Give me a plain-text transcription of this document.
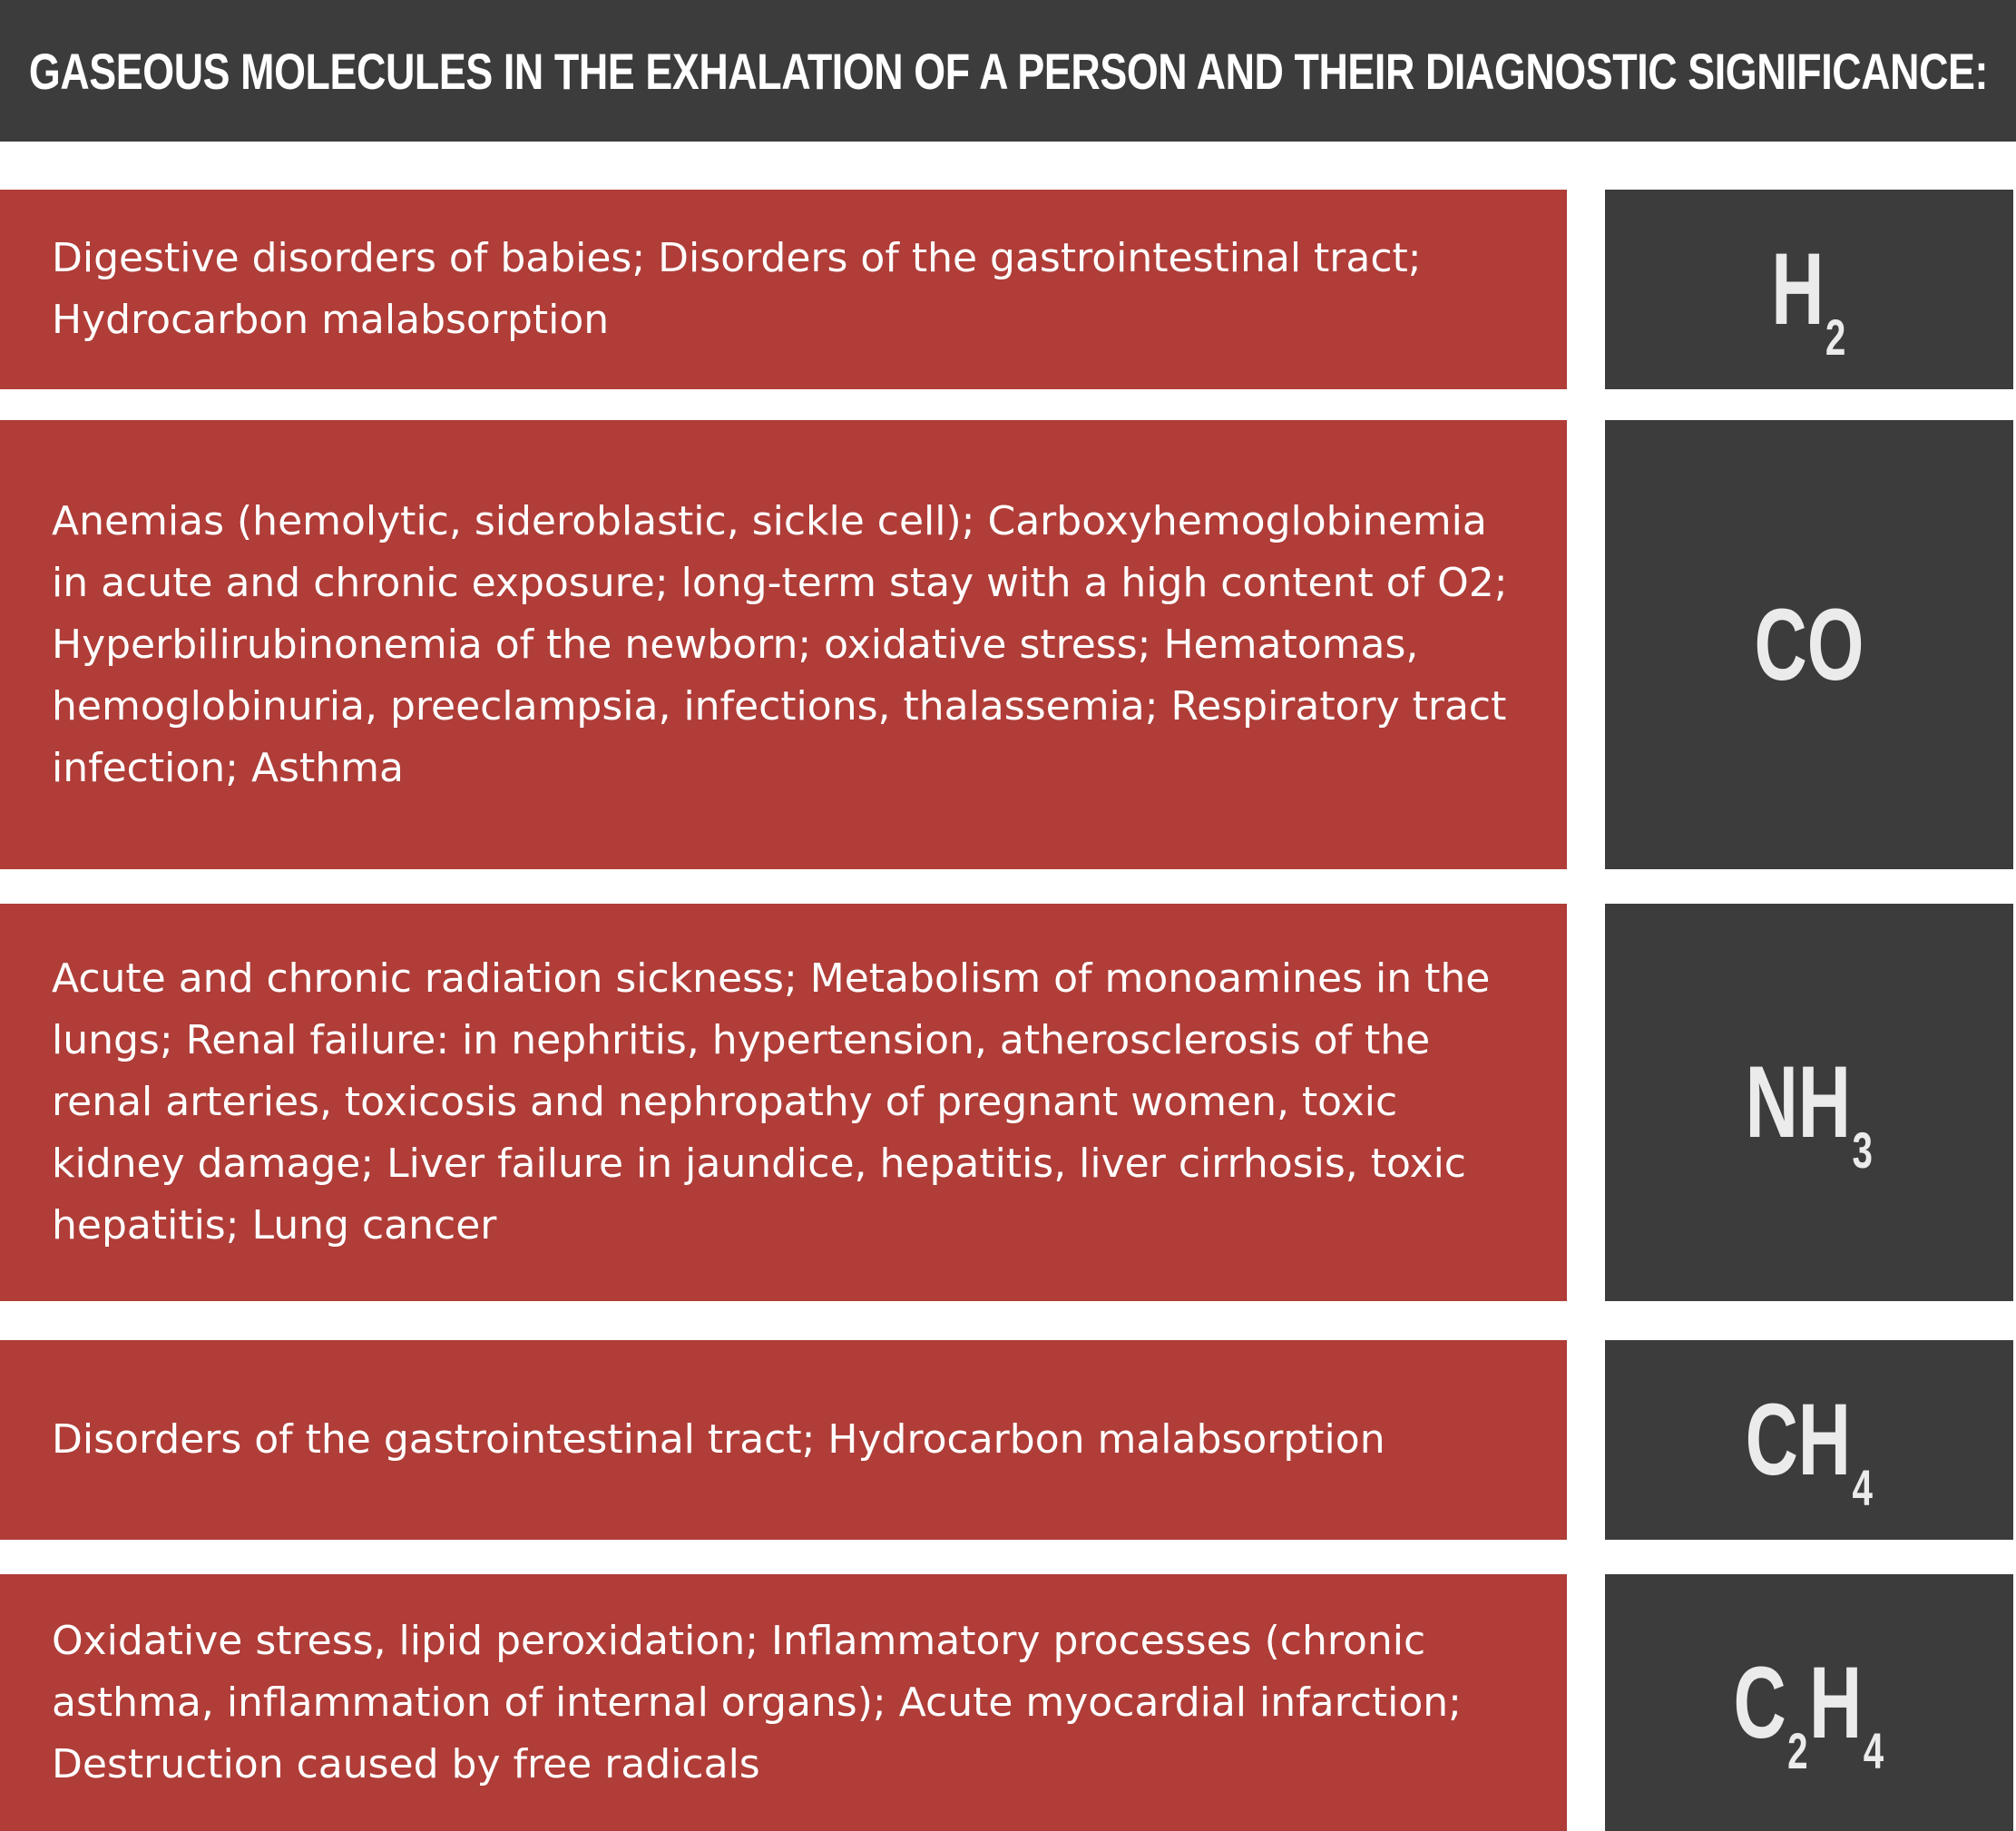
GASEOUS MOLECULES IN THE EXHALATION OF A PERSON AND THEIR DIAGNOSTIC SIGNIFICANCE:
Digestive disorders of babies; Disorders of the gastrointestinal tract; Hydrocarbon malabsorption	H2
Anemias (hemolytic, sideroblastic, sickle cell); Carboxyhemoglobinemia in acute and chronic exposure; long-term stay with a high content of O2; Hyperbilirubinonemia of the newborn; oxidative stress; Hematomas, hemoglobinuria, preeclampsia, infections, thalassemia; Respiratory tract infection; Asthma
CO
Acute and chronic radiation sickness; Metabolism of monoamines in the lungs; Renal failure: in nephritis, hypertension, atherosclerosis of the renal arteries, toxicosis and nephropathy of pregnant women, toxic kidney damage; Liver failure in jaundice, hepatitis, liver cirrhosis, toxic hepatitis; Lung cancer
NH3
Disorders of the gastrointestinal tract; Hydrocarbon malabsorption	CH4
Oxidative stress, lipid peroxidation; Inflammatory processes (chronic asthma, inflammation of internal organs); Acute myocardial infarction; Destruction caused by free radicals
C2H4
